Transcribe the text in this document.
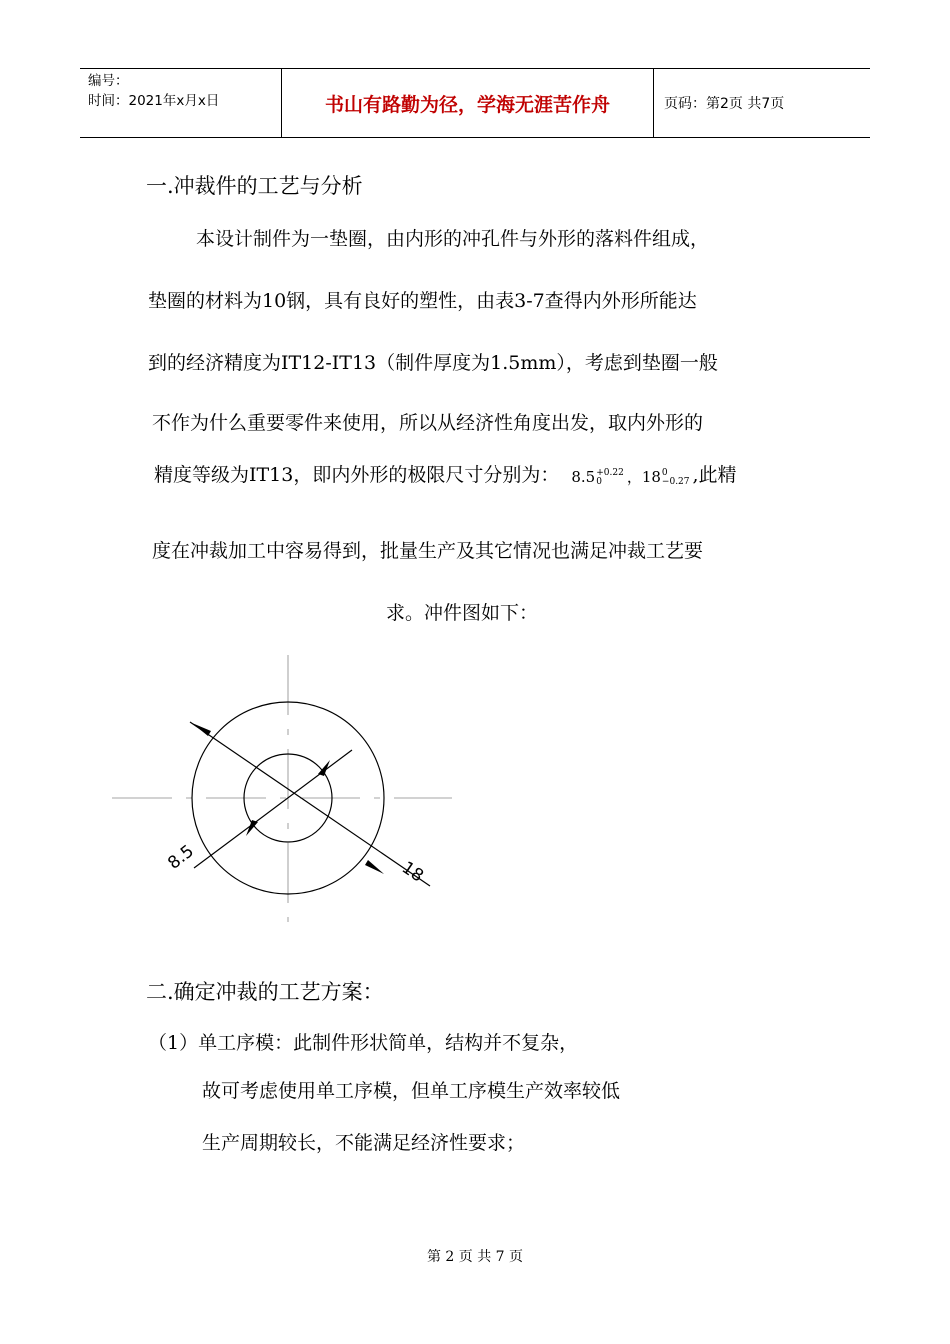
编号：
时间：2021年x月x日	书山有路勤为径，学海无涯苦作舟	页码：第2页 共7页
一.冲裁件的工艺与分析
本设计制件为一垫圈，由内形的冲孔件与外形的落料件组成，
垫圈的材料为10钢，具有良好的塑性，由表3-7查得内外形所能达
到的经济精度为IT12-IT13（制件厚度为1.5mm），考虑到垫圈一般
不作为什么重要零件来使用，所以从经济性角度出发，取内外形的
精度等级为IT13，即内外形的极限尺寸分别为： 8.5 +0.22
0	，18 0
−0.27 ,此精
度在冲裁加工中容易得到，批量生产及其它情况也满足冲裁工艺要
求。冲件图如下：
8.5	18
二.确定冲裁的工艺方案：
（1）单工序模：此制件形状简单，结构并不复杂，
故可考虑使用单工序模，但单工序模生产效率较低
生产周期较长，不能满足经济性要求；
第 2 页 共 7 页
